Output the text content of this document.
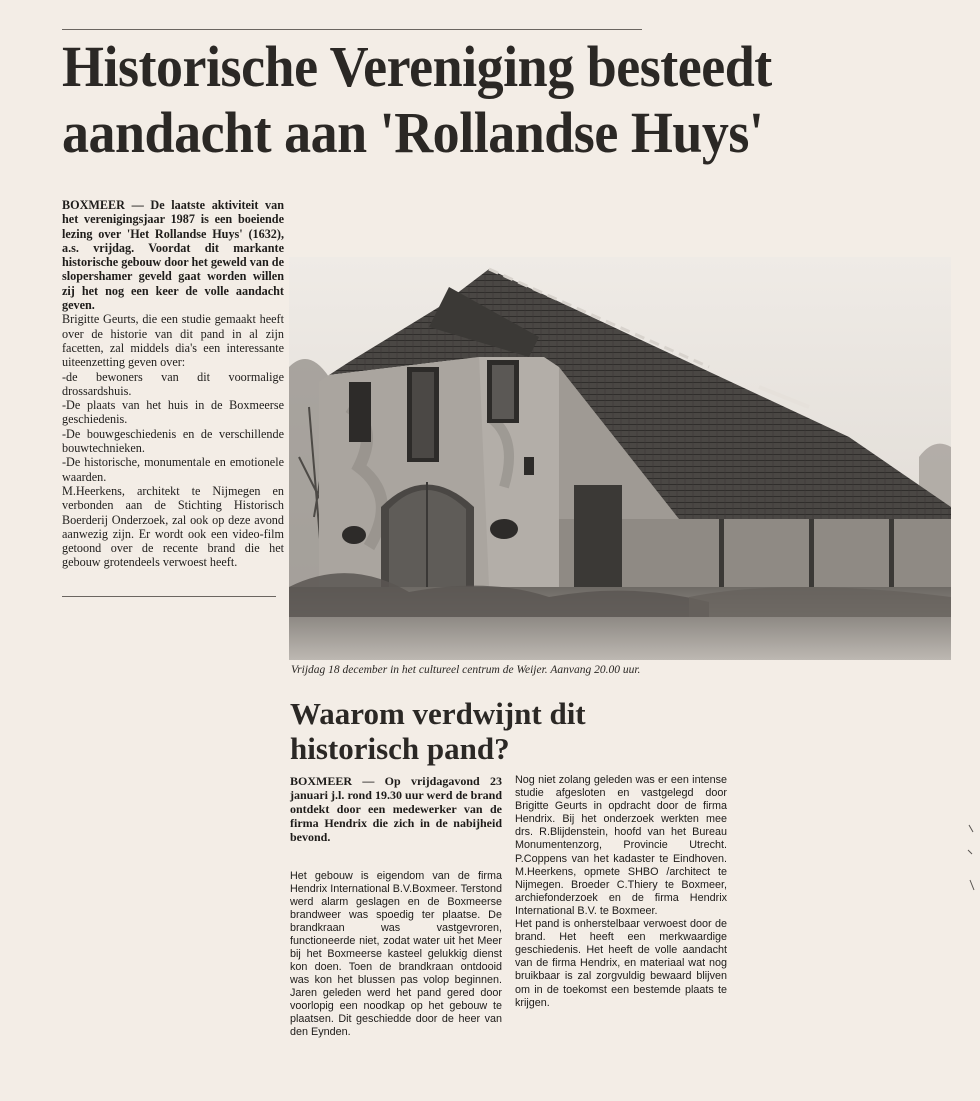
Historische Vereniging besteedt
aandacht aan 'Rollandse Huys'

BOXMEER — De laatste aktiviteit van het verenigingsjaar 1987 is een boeiende lezing over 'Het Rollandse Huys' (1632), a.s. vrijdag. Voordat dit markante historische gebouw door het geweld van de slopershamer geveld gaat worden willen zij het nog een keer de volle aandacht geven.

Brigitte Geurts, die een studie gemaakt heeft over de historie van dit pand in al zijn facetten, zal middels dia's een interessante uiteenzetting geven over:

-de bewoners van dit voormalige drossardshuis.

-De plaats van het huis in de Boxmeerse geschiedenis.

-De bouwgeschiedenis en de verschillende bouwtechnieken.

-De historische, monumentale en emotionele waarden.

M.Heerkens, architekt te Nijmegen en verbonden aan de Stichting Historisch Boerderij Onderzoek, zal ook op deze avond aanwezig zijn. Er wordt ook een video-film getoond over de recente brand die het gebouw grotendeels verwoest heeft.

Vrijdag 18 december in het cultureel centrum de Weijer. Aanvang 20.00 uur.
Waarom verdwijnt dit
historisch pand?

BOXMEER — Op vrijdagavond 23 januari j.l. rond 19.30 uur werd de brand ontdekt door een medewerker van de firma Hendrix die zich in de nabijheid bevond.

Het gebouw is eigendom van de firma Hendrix International B.V.Boxmeer. Terstond werd alarm geslagen en de Boxmeerse brandweer was spoedig ter plaatse. De brandkraan was vastgevroren, functioneerde niet, zodat water uit het Meer bij het Boxmeerse kasteel gelukkig dienst kon doen. Toen de brandkraan ontdooid was kon het blussen pas volop beginnen. Jaren geleden werd het pand gered door voorlopig een noodkap op het gebouw te plaatsen. Dit geschiedde door de heer van den Eynden.

Nog niet zolang geleden was er een intense studie afgesloten en vastgelegd door Brigitte Geurts in opdracht door de firma Hendrix. Bij het onderzoek werkten mee drs. R.Blijdenstein, hoofd van het Bureau Monumentenzorg, Provincie Utrecht. P.Coppens van het kadaster te Eindhoven. M.Heerkens, opmete SHBO /architect te Nijmegen. Broeder C.Thiery te Boxmeer, archiefonderzoek en de firma Hendrix International B.V. te Boxmeer.

Het pand is onherstelbaar verwoest door de brand. Het heeft een merkwaardige geschiedenis. Het heeft de volle aandacht van de firma Hendrix, en materiaal wat nog bruikbaar is zal zorgvuldig bewaard blijven om in de toekomst een bestemde plaats te krijgen.
